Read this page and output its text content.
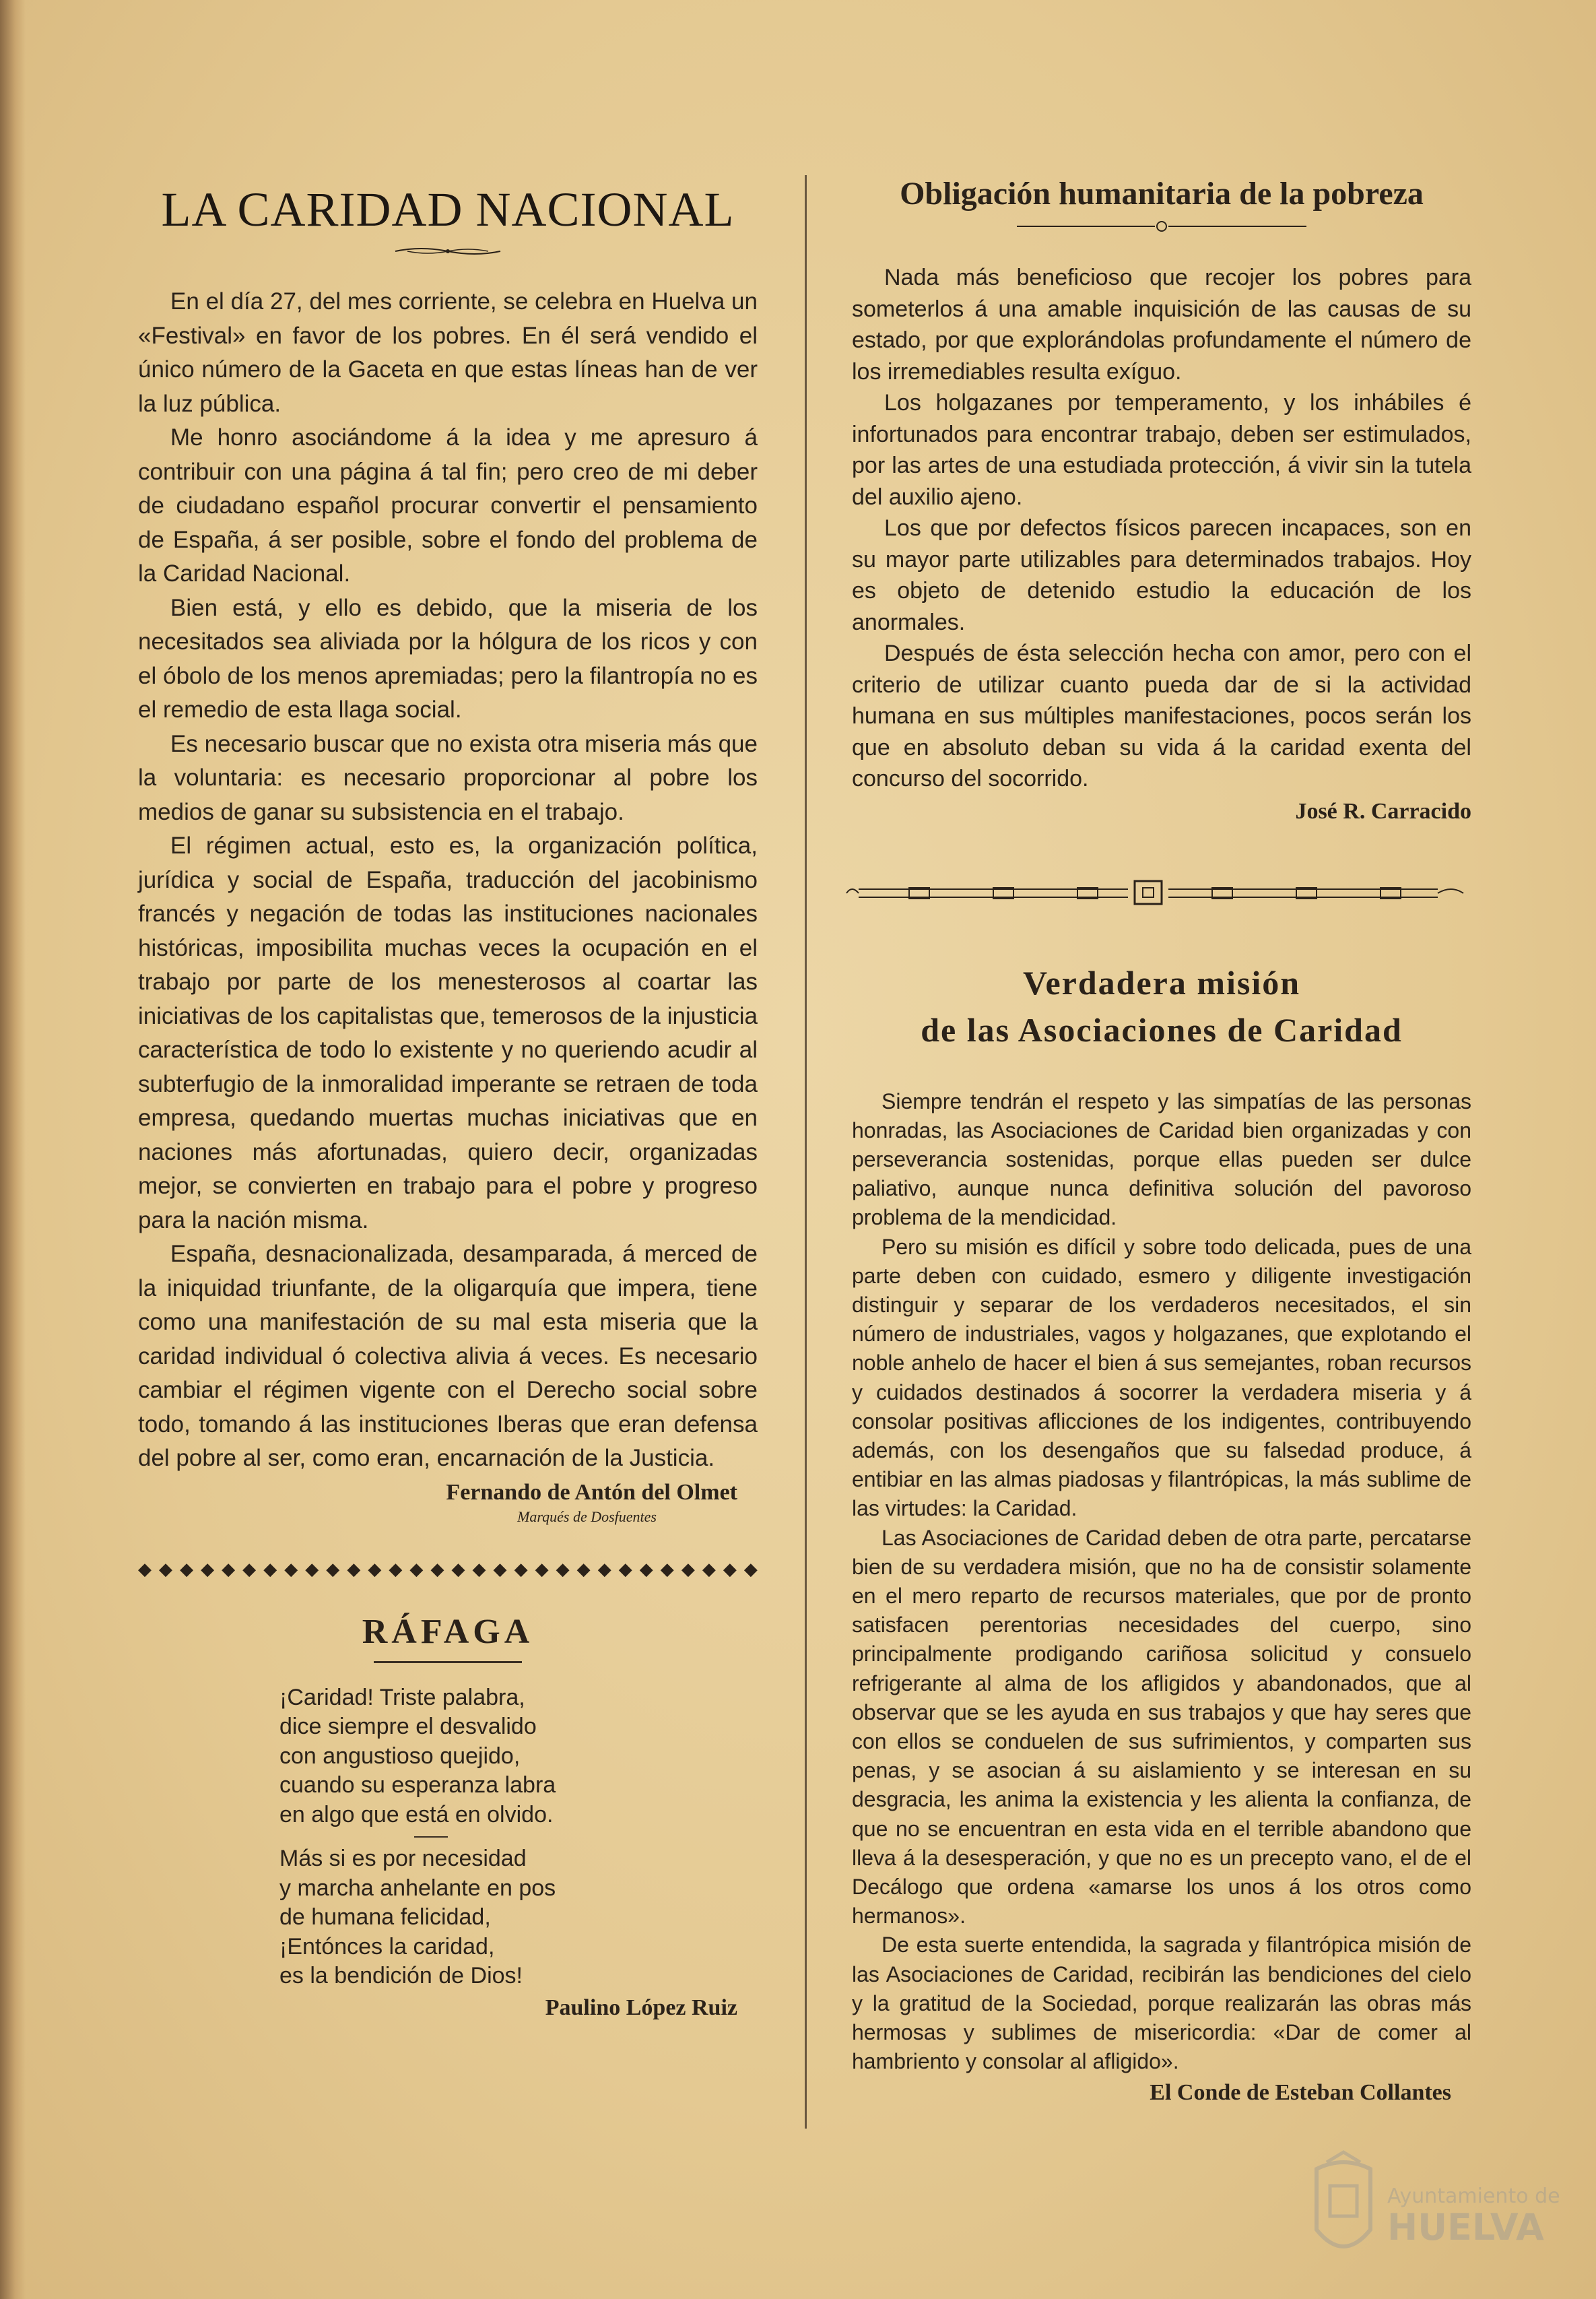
LA CARIDAD NACIONAL

En el día 27, del mes corriente, se celebra en Huelva un «Festival» en favor de los pobres. En él será vendido el único número de la Gaceta en que estas líneas han de ver la luz pública.

Me honro asociándome á la idea y me apresuro á contribuir con una página á tal fin; pero creo de mi deber de ciudadano español procurar convertir el pensamiento de España, á ser posible, sobre el fondo del problema de la Caridad Nacional.

Bien está, y ello es debido, que la miseria de los necesitados sea aliviada por la hólgura de los ricos y con el óbolo de los menos apremiadas; pero la filantropía no es el remedio de esta llaga social.

Es necesario buscar que no exista otra miseria más que la voluntaria: es necesario proporcionar al pobre los medios de ganar su subsistencia en el trabajo.

El régimen actual, esto es, la organización política, jurídica y social de España, traducción del jacobinismo francés y negación de todas las instituciones nacionales históricas, imposibilita muchas veces la ocupación en el trabajo por parte de los menesterosos al coartar las iniciativas de los capitalistas que, temerosos de la injusticia característica de todo lo existente y no queriendo acudir al subterfugio de la inmoralidad imperante se retraen de toda empresa, quedando muertas muchas iniciativas que en naciones más afortunadas, quiero decir, organizadas mejor, se convierten en trabajo para el pobre y progreso para la nación misma.

España, desnacionalizada, desamparada, á merced de la iniquidad triunfante, de la oligarquía que impera, tiene como una manifestación de su mal esta miseria que la caridad individual ó colectiva alivia á veces. Es necesario cambiar el régimen vigente con el Derecho social sobre todo, tomando á las instituciones Iberas que eran defensa del pobre al ser, como eran, encarnación de la Justicia.

Fernando de Antón del Olmet
Marqués de Dosfuentes
◆ ◆ ◆ ◆ ◆ ◆ ◆ ◆ ◆ ◆ ◆ ◆ ◆ ◆ ◆ ◆ ◆ ◆ ◆ ◆ ◆ ◆ ◆ ◆ ◆ ◆ ◆ ◆ ◆ ◆
RÁFAGA
¡Caridad! Triste palabra,
dice siempre el desvalido
con angustioso quejido,
cuando su esperanza labra
en algo que está en olvido.
Más si es por necesidad
y marcha anhelante en pos
de humana felicidad,
¡Entónces la caridad,
es la bendición de Dios!
Paulino López Ruiz
Obligación humanitaria de la pobreza

Nada más beneficioso que recojer los pobres para someterlos á una amable inquisición de las causas de su estado, por que explorándolas profundamente el número de los irremediables resulta exíguo.

Los holgazanes por temperamento, y los inhábiles é infortunados para encontrar trabajo, deben ser estimulados, por las artes de una estudiada protección, á vivir sin la tutela del auxilio ajeno.

Los que por defectos físicos parecen incapaces, son en su mayor parte utilizables para determinados trabajos. Hoy es objeto de detenido estudio la educación de los anormales.

Después de ésta selección hecha con amor, pero con el criterio de utilizar cuanto pueda dar de si la actividad humana en sus múltiples manifestaciones, pocos serán los que en absoluto deban su vida á la caridad exenta del concurso del socorrido.

José R. Carracido
Verdadera misión
de las Asociaciones de Caridad

Siempre tendrán el respeto y las simpatías de las personas honradas, las Asociaciones de Caridad bien organizadas y con perseverancia sostenidas, porque ellas pueden ser dulce paliativo, aunque nunca definitiva solución del pavoroso problema de la mendicidad.

Pero su misión es difícil y sobre todo delicada, pues de una parte deben con cuidado, esmero y diligente investigación distinguir y separar de los verdaderos necesitados, el sin número de industriales, vagos y holgazanes, que explotando el noble anhelo de hacer el bien á sus semejantes, roban recursos y cuidados destinados á socorrer la verdadera miseria y á consolar positivas aflicciones de los indigentes, contribuyendo además, con los desengaños que su falsedad produce, á entibiar en las almas piadosas y filantrópicas, la más sublime de las virtudes: la Caridad.

Las Asociaciones de Caridad deben de otra parte, percatarse bien de su verdadera misión, que no ha de consistir solamente en el mero reparto de recursos materiales, que por de pronto satisfacen perentorias necesidades del cuerpo, sino principalmente prodigando cariñosa solicitud y consuelo refrigerante al alma de los afligidos y abandonados, que al observar que se les ayuda en sus trabajos y que hay seres que con ellos se conduelen de sus sufrimientos, y comparten sus penas, y se asocian á su aislamiento y se interesan en su desgracia, les anima la existencia y les alienta la confianza, de que no se encuentran en esta vida en el terrible abandono que lleva á la desesperación, y que no es un precepto vano, el de el Decálogo que ordena «amarse los unos á los otros como hermanos».

De esta suerte entendida, la sagrada y filantrópica misión de las Asociaciones de Caridad, recibirán las bendiciones del cielo y la gratitud de la Sociedad, porque realizarán las obras más hermosas y sublimes de misericordia: «Dar de comer al hambriento y consolar al afligido».

El Conde de Esteban Collantes
Ayuntamiento de
HUELVA
